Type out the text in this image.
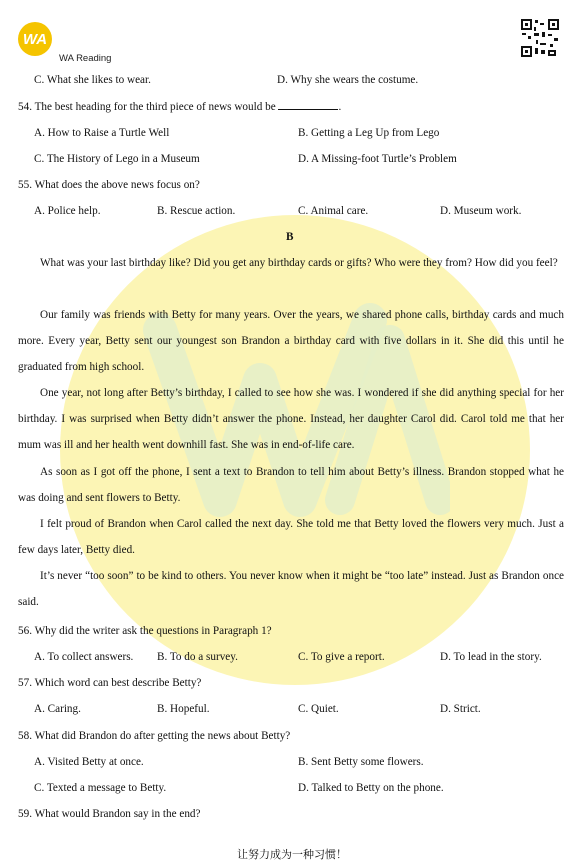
WA
WA Reading
C. What she likes to wear.	D. Why she wears the costume.
54. The best heading for the third piece of news would be	.
A. How to Raise a Turtle Well	B. Getting a Leg Up from Lego
C. The History of Lego in a Museum	D. A Missing-foot Turtle’s Problem
55. What does the above news focus on?
A. Police help.	B. Rescue action.	C. Animal care.	D. Museum work.
B
What was your last birthday like? Did you get any birthday cards or gifts? Who were they from? How did you feel?
Our family was friends with Betty for many years. Over the years, we shared phone calls, birthday cards and much more. Every year, Betty sent our youngest son Brandon a birthday card with five dollars in it. She did this until he graduated from high school.
One year, not long after Betty’s birthday, I called to see how she was. I wondered if she did anything special for her birthday. I was surprised when Betty didn’t answer the phone. Instead, her daughter Carol did. Carol told me that her mum was ill and her health went downhill fast. She was in end-of-life care.
As soon as I got off the phone, I sent a text to Brandon to tell him about Betty’s illness. Brandon stopped what he was doing and sent flowers to Betty.
I felt proud of Brandon when Carol called the next day. She told me that Betty loved the flowers very much. Just a few days later, Betty died.
It’s never “too soon” to be kind to others. You never know when it might be “too late” instead. Just as Brandon once said.
56. Why did the writer ask the questions in Paragraph 1?
A. To collect answers. B. To do a survey.	C. To give a report.	D. To lead in the story.
57. Which word can best describe Betty?
A. Caring.	B. Hopeful.	C. Quiet.	D. Strict.
58. What did Brandon do after getting the news about Betty?
A. Visited Betty at once.	B. Sent Betty some flowers.
C. Texted a message to Betty.	D. Talked to Betty on the phone.
59. What would Brandon say in the end?
让努力成为一种习惯！
